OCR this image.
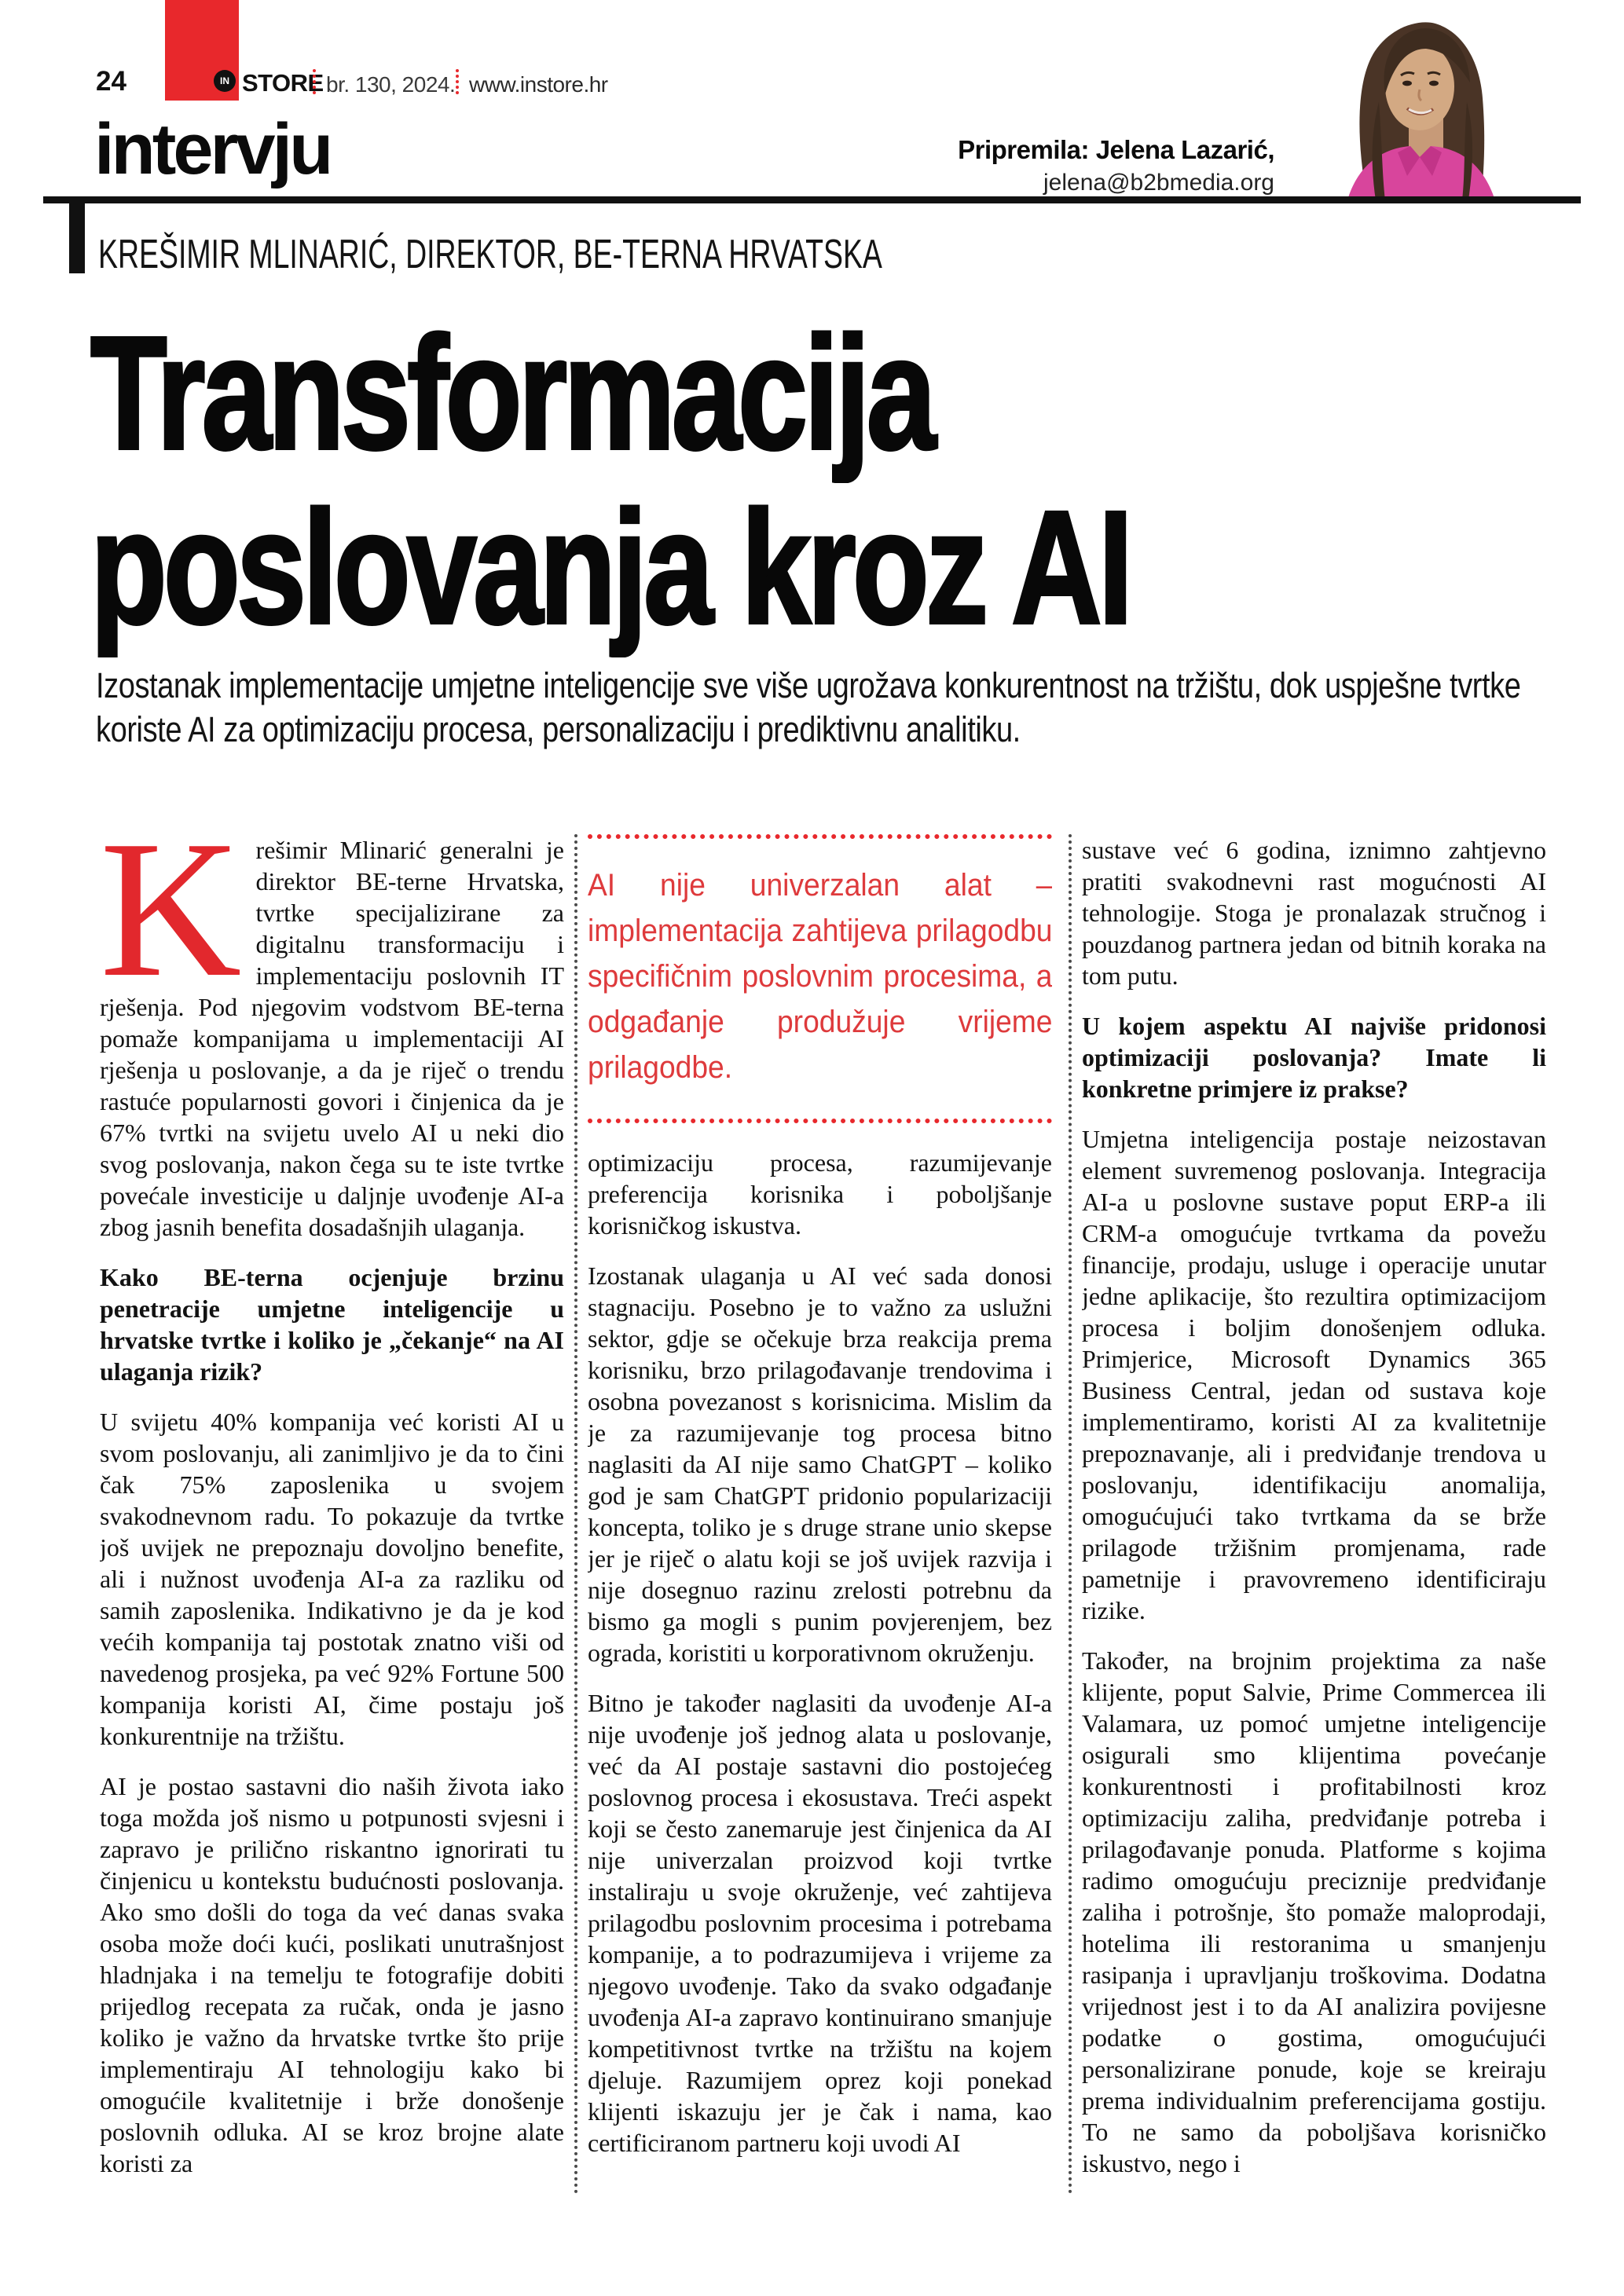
24	IN STORE br. 130, 2024. www.instore.hr
intervju	Pripremila: Jelena Lazarić,
jelena@b2bmedia.org
KREŠIMIR MLINARIĆ, DIREKTOR, BE-TERNA HRVATSKA
Transformacija
poslovanja kroz AI
Izostanak implementacije umjetne inteligencije sve više ugrožava konkurentnost na tržištu, dok uspješne tvrtke koriste AI za optimizaciju procesa, personalizaciju i prediktivnu analitiku.

Krešimir Mlinarić generalni je direktor BE-terne Hrvatska, tvrtke specijalizirane za digitalnu transformaciju i implementaciju poslovnih IT rješenja. Pod njegovim vodstvom BE-terna pomaže kompanijama u implementaciji AI rješenja u poslovanje, a da je riječ o trendu rastuće popularnosti govori i činjenica da je 67% tvrtki na svijetu uvelo AI u neki dio svog poslovanja, nakon čega su te iste tvrtke povećale investicije u daljnje uvođenje AI-a zbog jasnih benefita dosadašnjih ulaganja.

Kako BE-terna ocjenjuje brzinu penetracije umjetne inteligencije u hrvatske tvrtke i koliko je „čekanje“ na AI ulaganja rizik?

U svijetu 40% kompanija već koristi AI u svom poslovanju, ali zanimljivo je da to čini čak 75% zaposlenika u svojem svakodnevnom radu. To pokazuje da tvrtke još uvijek ne prepoznaju dovoljno benefite, ali i nužnost uvođenja AI-a za razliku od samih zaposlenika. Indikativno je da je kod većih kompanija taj postotak znatno viši od navedenog prosjeka, pa već 92% Fortune 500 kompanija koristi AI, čime postaju još konkurentnije na tržištu.

AI je postao sastavni dio naših života iako toga možda još nismo u potpunosti svjesni i zapravo je prilično riskantno ignorirati tu činjenicu u kontekstu budućnosti poslovanja. Ako smo došli do toga da već danas svaka osoba može doći kući, poslikati unutrašnjost hladnjaka i na temelju te fotografije dobiti prijedlog recepata za ručak, onda je jasno koliko je važno da hrvatske tvrtke što prije implementiraju AI tehnologiju kako bi omogućile kvalitetnije i brže donošenje poslovnih odluka. AI se kroz brojne alate koristi za

AI nije univerzalan alat – implementacija zahtijeva prilagodbu specifičnim poslovnim procesima, a odgađanje produžuje vrijeme prilagodbe.

optimizaciju procesa, razumijevanje preferencija korisnika i poboljšanje korisničkog iskustva.

Izostanak ulaganja u AI već sada donosi stagnaciju. Posebno je to važno za uslužni sektor, gdje se očekuje brza reakcija prema korisniku, brzo prilagođavanje trendovima i osobna povezanost s korisnicima. Mislim da je za razumijevanje tog procesa bitno naglasiti da AI nije samo ChatGPT – koliko god je sam ChatGPT pridonio popularizaciji koncepta, toliko je s druge strane unio skepse jer je riječ o alatu koji se još uvijek razvija i nije dosegnuo razinu zrelosti potrebnu da bismo ga mogli s punim povjerenjem, bez ograda, koristiti u korporativnom okruženju.

Bitno je također naglasiti da uvođenje AI-a nije uvođenje još jednog alata u poslovanje, već da AI postaje sastavni dio postojećeg poslovnog procesa i ekosustava. Treći aspekt koji se često zanemaruje jest činjenica da AI nije univerzalan proizvod koji tvrtke instaliraju u svoje okruženje, već zahtijeva prilagodbu poslovnim procesima i potrebama kompanije, a to podrazumijeva i vrijeme za njegovo uvođenje. Tako da svako odgađanje uvođenja AI-a zapravo kontinuirano smanjuje kompetitivnost tvrtke na tržištu na kojem djeluje. Razumijem oprez koji ponekad klijenti iskazuju jer je čak i nama, kao certificiranom partneru koji uvodi AI

sustave već 6 godina, iznimno zahtjevno pratiti svakodnevni rast mogućnosti AI tehnologije. Stoga je pronalazak stručnog i pouzdanog partnera jedan od bitnih koraka na tom putu.

U kojem aspektu AI najviše pridonosi optimizaciji poslovanja? Imate li konkretne primjere iz prakse?

Umjetna inteligencija postaje neizostavan element suvremenog poslovanja. Integracija AI-a u poslovne sustave poput ERP-a ili CRM-a omogućuje tvrtkama da povežu financije, prodaju, usluge i operacije unutar jedne aplikacije, što rezultira optimizacijom procesa i boljim donošenjem odluka. Primjerice, Microsoft Dynamics 365 Business Central, jedan od sustava koje implementiramo, koristi AI za kvalitetnije prepoznavanje, ali i predviđanje trendova u poslovanju, identifikaciju anomalija, omogućujući tako tvrtkama da se brže prilagode tržišnim promjenama, rade pametnije i pravovremeno identificiraju rizike.

Također, na brojnim projektima za naše klijente, poput Salvie, Prime Commercea ili Valamara, uz pomoć umjetne inteligencije osigurali smo klijentima povećanje konkurentnosti i profitabilnosti kroz optimizaciju zaliha, predviđanje potreba i prilagođavanje ponuda. Platforme s kojima radimo omogućuju preciznije predviđanje zaliha i potrošnje, što pomaže maloprodaji, hotelima ili restoranima u smanjenju rasipanja i upravljanju troškovima. Dodatna vrijednost jest i to da AI analizira povijesne podatke o gostima, omogućujući personalizirane ponude, koje se kreiraju prema individualnim preferencijama gostiju. To ne samo da poboljšava korisničko iskustvo, nego i
